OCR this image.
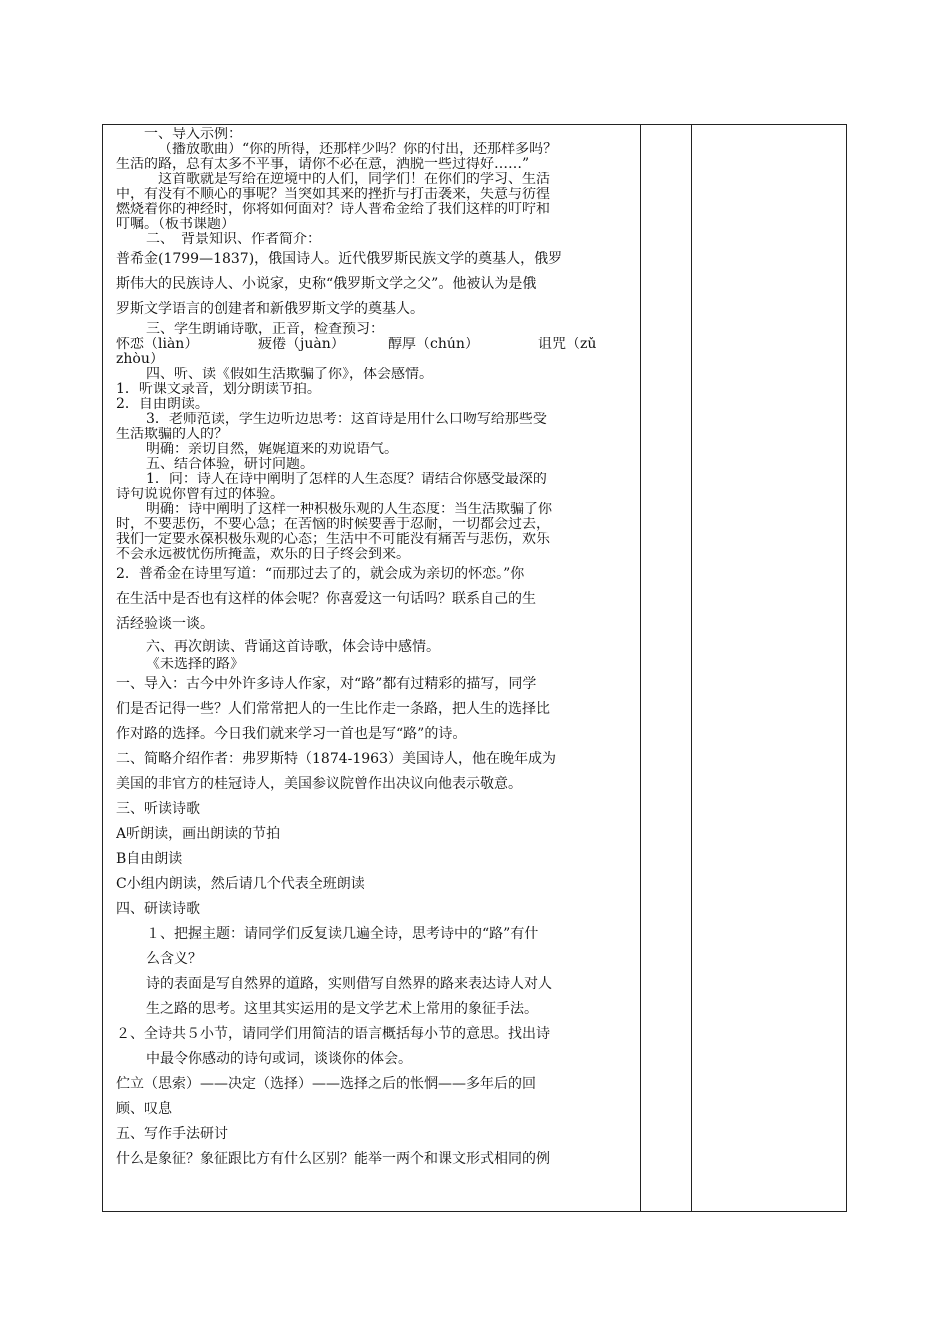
一、导入示例：
（播放歌曲）“你的所得，还那样少吗？你的付出，还那样多吗？
生活的路，总有太多不平事，请你不必在意，洒脱一些过得好……”
这首歌就是写给在逆境中的人们，同学们！在你们的学习、生活
中，有没有不顺心的事呢？当突如其来的挫折与打击袭来，失意与彷徨
燃烧着你的神经时，你将如何面对？诗人普希金给了我们这样的叮咛和
叮嘱。（板书课题）
二、　背景知识、作者简介：
普希金(1799—1837)，俄国诗人。近代俄罗斯民族文学的奠基人，俄罗
斯伟大的民族诗人、小说家，史称“俄罗斯文学之父”。他被认为是俄
罗斯文学语言的创建者和新俄罗斯文学的奠基人。
三、学生朗诵诗歌，正音，检查预习：
怀恋（liàn）	疲倦（juàn）	醇厚（chún）	诅咒（zǔ
zhòu）
四、听、读《假如生活欺骗了你》，体会感情。
1．听课文录音，划分朗读节拍。
2．自由朗读。
3．老师范读，学生边听边思考：这首诗是用什么口吻写给那些受
生活欺骗的人的？
明确：亲切自然，娓娓道来的劝说语气。
五、结合体验，研讨问题。
1．问：诗人在诗中阐明了怎样的人生态度？请结合你感受最深的
诗句说说你曾有过的体验。
明确：诗中阐明了这样一种积极乐观的人生态度：当生活欺骗了你
时，不要悲伤，不要心急；在苦恼的时候要善于忍耐，一切都会过去，
我们一定要永葆积极乐观的心态；生活中不可能没有痛苦与悲伤，欢乐
不会永远被忧伤所掩盖，欢乐的日子终会到来。
2．普希金在诗里写道：“而那过去了的，就会成为亲切的怀恋。”你
在生活中是否也有这样的体会呢？你喜爱这一句话吗？联系自己的生
活经验谈一谈。
六、再次朗读、背诵这首诗歌，体会诗中感情。
《未选择的路》
一、导入：古今中外许多诗人作家，对“路”都有过精彩的描写，同学
们是否记得一些？人们常常把人的一生比作走一条路，把人生的选择比
作对路的选择。今日我们就来学习一首也是写“路”的诗。
二、简略介绍作者：弗罗斯特（1874-1963）美国诗人，他在晚年成为
美国的非官方的桂冠诗人，美国参议院曾作出决议向他表示敬意。
三、听读诗歌
A听朗读，画出朗读的节拍
B自由朗读
C小组内朗读，然后请几个代表全班朗读
四、研读诗歌
１、把握主题：请同学们反复读几遍全诗，思考诗中的“路”有什
么含义？
诗的表面是写自然界的道路，实则借写自然界的路来表达诗人对人
生之路的思考。这里其实运用的是文学艺术上常用的象征手法。
２、全诗共５小节，请同学们用简洁的语言概括每小节的意思。找出诗
中最令你感动的诗句或词，谈谈你的体会。
伫立（思索）——决定（选择）——选择之后的怅惘——多年后的回
顾、叹息
五、写作手法研讨
什么是象征？象征跟比方有什么区别？能举一两个和课文形式相同的例
